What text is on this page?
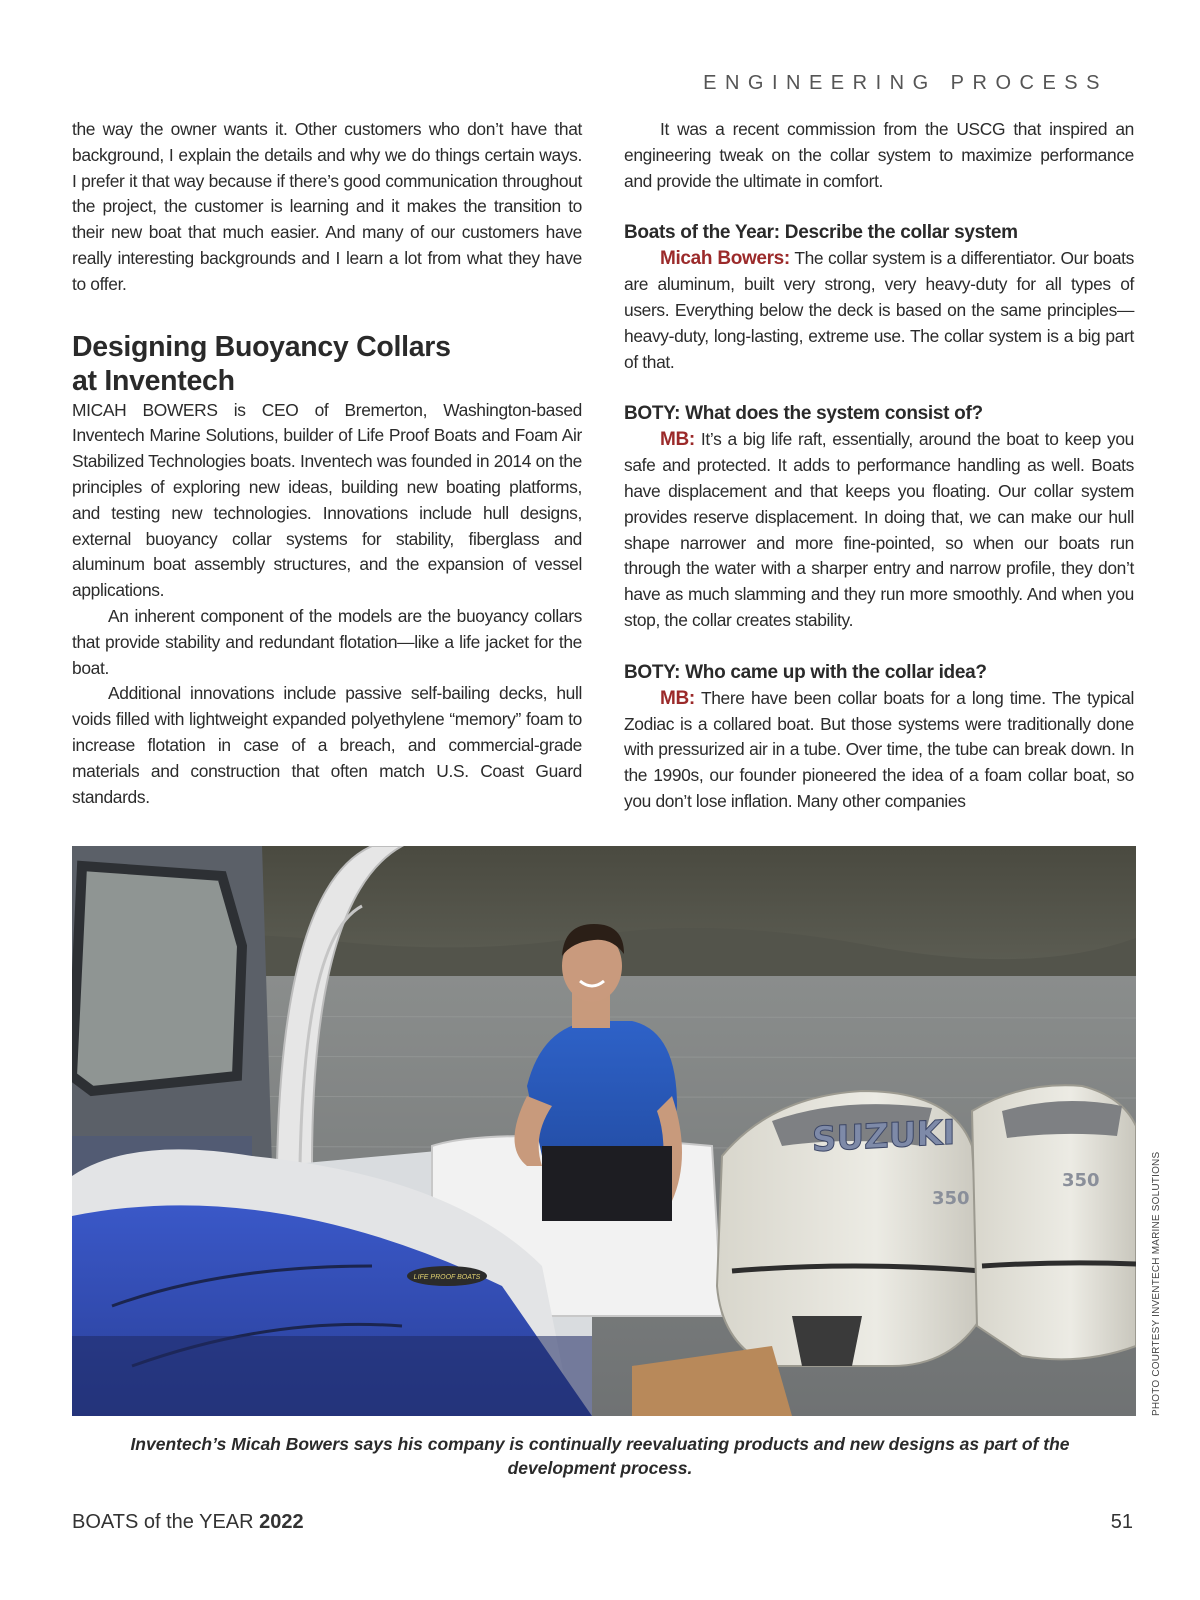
ENGINEERING PROCESS

the way the owner wants it. Other customers who don’t have that background, I explain the details and why we do things certain ways. I prefer it that way because if there’s good communication throughout the project, the customer is learning and it makes the transition to their new boat that much easier. And many of our customers have really interesting backgrounds and I learn a lot from what they have to offer.

Designing Buoyancy Collars at Inventech

MICAH BOWERS is CEO of Bremerton, Washington-based Inventech Marine Solutions, builder of Life Proof Boats and Foam Air Stabilized Technologies boats. Inventech was founded in 2014 on the principles of exploring new ideas, building new boating platforms, and testing new technologies. Innovations include hull designs, external buoyancy collar systems for stability, fiberglass and aluminum boat assembly structures, and the expansion of vessel applications.

An inherent component of the models are the buoyancy collars that provide stability and redundant flotation—like a life jacket for the boat.

Additional innovations include passive self-bailing decks, hull voids filled with lightweight expanded polyethylene “memory” foam to increase flotation in case of a breach, and commercial-grade materials and construction that often match U.S. Coast Guard standards.

It was a recent commission from the USCG that inspired an engineering tweak on the collar system to maximize performance and provide the ultimate in comfort.

Boats of the Year: Describe the collar system

Micah Bowers: The collar system is a differentiator. Our boats are aluminum, built very strong, very heavy-duty for all types of users. Everything below the deck is based on the same principles—heavy-duty, long-lasting, extreme use. The collar system is a big part of that.

BOTY: What does the system consist of?

MB: It’s a big life raft, essentially, around the boat to keep you safe and protected. It adds to performance handling as well. Boats have displacement and that keeps you floating. Our collar system provides reserve displacement. In doing that, we can make our hull shape narrower and more fine-pointed, so when our boats run through the water with a sharper entry and narrow profile, they don’t have as much slamming and they run more smoothly. And when you stop, the collar creates stability.

BOTY: Who came up with the collar idea?

MB: There have been collar boats for a long time. The typical Zodiac is a collared boat. But those systems were traditionally done with pressurized air in a tube. Over time, the tube can break down. In the 1990s, our founder pioneered the idea of a foam collar boat, so you don’t lose inflation. Many other companies

LIFE PROOF BOATS
SUZUKI
350
350	PHOTO COURTESY INVENTECH MARINE SOLUTIONS
Inventech’s Micah Bowers says his company is continually reevaluating products and new designs as part of the development process.
BOATS of the YEAR 2022	51
